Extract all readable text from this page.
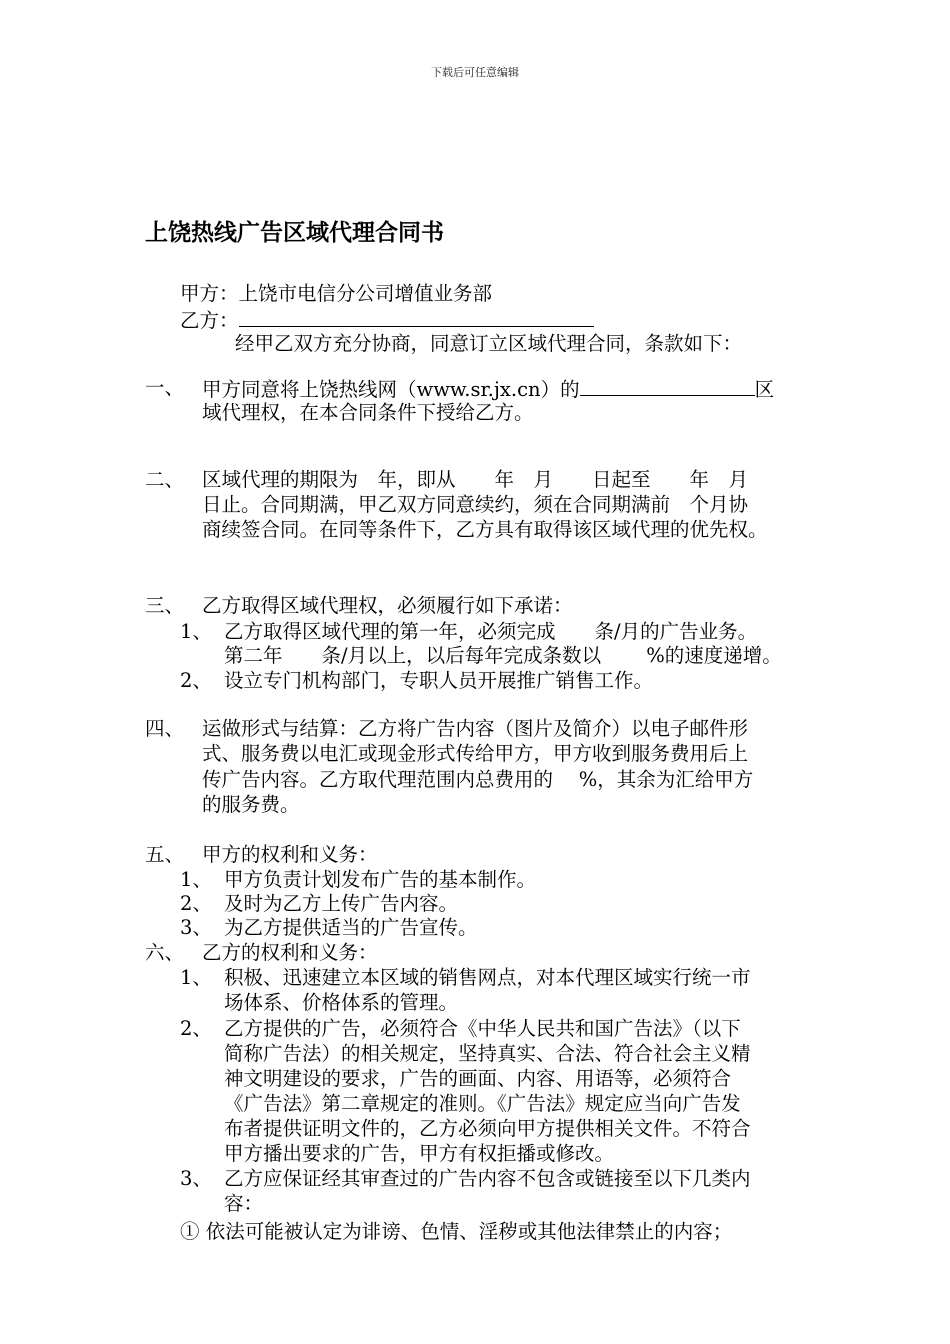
下载后可任意编辑
上饶热线广告区域代理合同书
甲方：上饶市电信分公司增值业务部
乙方：
经甲乙双方充分协商，同意订立区域代理合同，条款如下：
一、 甲方同意将上饶热线网（www.sr.jx.cn）的	区
域代理权，在本合同条件下授给乙方。
二、 区域代理的期限为　年，即从　　年　月　　日起至　　年　月
日止。合同期满，甲乙双方同意续约，须在合同期满前　个月协
商续签合同。在同等条件下，乙方具有取得该区域代理的优先权。
三、 乙方取得区域代理权，必须履行如下承诺：
1、 乙方取得区域代理的第一年，必须完成　　条/月的广告业务。
第二年　　条/月以上，以后每年完成条数以　　 %的速度递增。
2、 设立专门机构部门，专职人员开展推广销售工作。
四、 运做形式与结算：乙方将广告内容（图片及简介）以电子邮件形
式、服务费以电汇或现金形式传给甲方，甲方收到服务费用后上
传广告内容。乙方取代理范围内总费用的　 %，其余为汇给甲方
的服务费。
五、 甲方的权利和义务：
1、 甲方负责计划发布广告的基本制作。
2、 及时为乙方上传广告内容。
3、 为乙方提供适当的广告宣传。
六、 乙方的权利和义务：
1、 积极、迅速建立本区域的销售网点，对本代理区域实行统一市
场体系、价格体系的管理。
2、 乙方提供的广告，必须符合《中华人民共和国广告法》（以下
简称广告法）的相关规定，坚持真实、合法、符合社会主义精
神文明建设的要求，广告的画面、内容、用语等，必须符合
《广告法》第二章规定的准则。《广告法》规定应当向广告发
布者提供证明文件的，乙方必须向甲方提供相关文件。不符合
甲方播出要求的广告，甲方有权拒播或修改。
3、 乙方应保证经其审查过的广告内容不包含或链接至以下几类内
容：
① 依法可能被认定为诽谤、色情、淫秽或其他法律禁止的内容；
